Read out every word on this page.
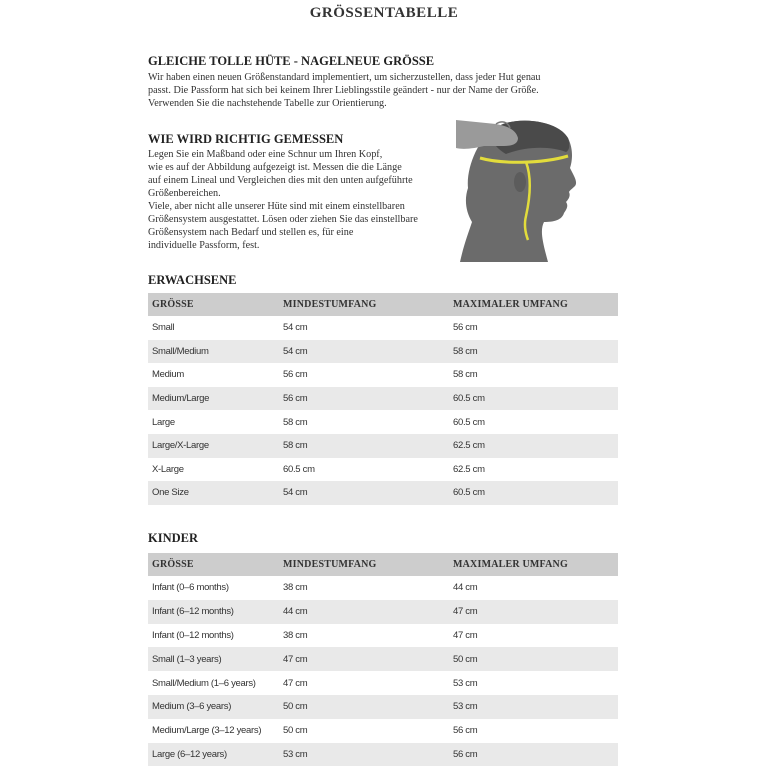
GRÖSSENTABELLE
GLEICHE TOLLE HÜTE - NAGELNEUE GRÖSSE
Wir haben einen neuen Größenstandard implementiert, um sicherzustellen, dass jeder Hut genau
passt. Die Passform hat sich bei keinem Ihrer Lieblingsstile geändert - nur der Name der Größe.
Verwenden Sie die nachstehende Tabelle zur Orientierung.
WIE WIRD RICHTIG GEMESSEN
Legen Sie ein Maßband oder eine Schnur um Ihren Kopf,
wie es auf der Abbildung aufgezeigt ist. Messen die die Länge
auf einem Lineal und Vergleichen dies mit den unten aufgeführte
Größenbereichen.
Viele, aber nicht alle unserer Hüte sind mit einem einstellbaren
Größensystem ausgestattet. Lösen oder ziehen Sie das einstellbare
Größensystem nach Bedarf und stellen es, für eine
individuelle Passform, fest.
ERWACHSENE
GRÖSSE	MINDESTUMFANG	MAXIMALER UMFANG
Small	54 cm	56 cm
Small/Medium	54 cm	58 cm
Medium	56 cm	58 cm
Medium/Large	56 cm	60.5 cm
Large	58 cm	60.5 cm
Large/X-Large	58 cm	62.5 cm
X-Large	60.5 cm	62.5 cm
One Size	54 cm	60.5 cm
KINDER
GRÖSSE	MINDESTUMFANG	MAXIMALER UMFANG
Infant (0–6 months)	38 cm	44 cm
Infant (6–12 months)	44 cm	47 cm
Infant (0–12 months)	38 cm	47 cm
Small (1–3 years)	47 cm	50 cm
Small/Medium (1–6 years)	47 cm	53 cm
Medium (3–6 years)	50 cm	53 cm
Medium/Large (3–12 years)	50 cm	56 cm
Large (6–12 years)	53 cm	56 cm
